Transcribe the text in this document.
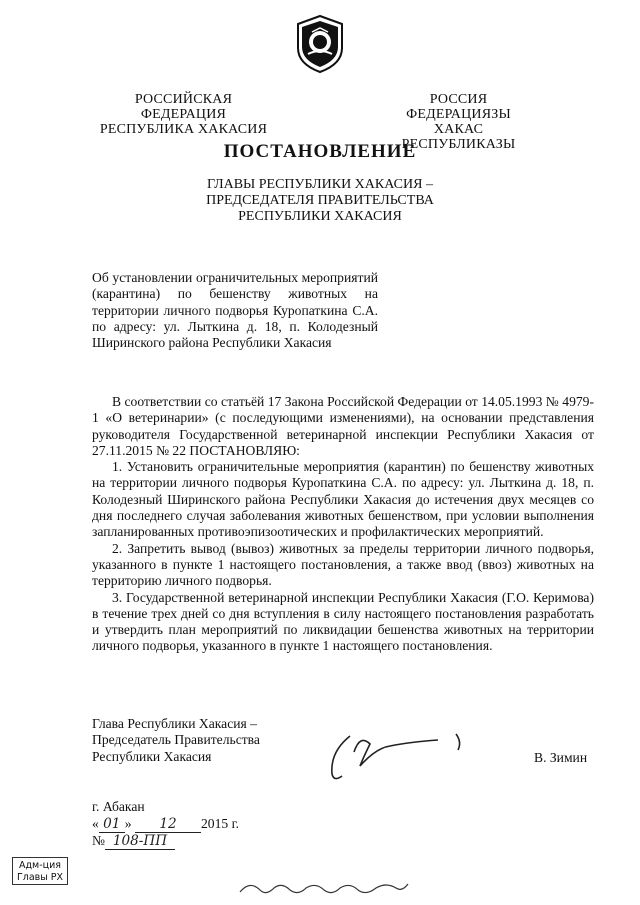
РОССИЙСКАЯ ФЕДЕРАЦИЯ
РЕСПУБЛИКА ХАКАСИЯ
РОССИЯ ФЕДЕРАЦИЯЗЫ
ХАКАС РЕСПУБЛИКАЗЫ
ПОСТАНОВЛЕНИЕ
ГЛАВЫ РЕСПУБЛИКИ ХАКАСИЯ –
ПРЕДСЕДАТЕЛЯ ПРАВИТЕЛЬСТВА
РЕСПУБЛИКИ ХАКАСИЯ
Об установлении ограничительных мероприятий (карантина) по бешенству животных на территории личного подворья Куропаткина С.А. по адресу: ул. Лыткина д. 18, п. Колодезный Ширинского района Республики Хакасия

В соответствии со статьёй 17 Закона Российской Федерации от 14.05.1993 № 4979-1 «О ветеринарии» (с последующими изменениями), на основании представления руководителя Государственной ветеринарной инспекции Республики Хакасия от 27.11.2015 № 22 ПОСТАНОВЛЯЮ:

1. Установить ограничительные мероприятия (карантин) по бешенству животных на территории личного подворья Куропаткина С.А. по адресу: ул. Лыткина д. 18, п. Колодезный Ширинского района Республики Хакасия до истечения двух месяцев со дня последнего случая заболевания животных бешенством, при условии выполнения запланированных противоэпизоотических и профилактических мероприятий.

2. Запретить вывод (вывоз) животных за пределы территории личного подворья, указанного в пункте 1 настоящего постановления, а также ввод (ввоз) животных на территорию личного подворья.

3. Государственной ветеринарной инспекции Республики Хакасия (Г.О. Керимова) в течение трех дней со дня вступления в силу настоящего постановления разработать и утвердить план мероприятий по ликвидации бешенства животных на территории личного подворья, указанного в пункте 1 настоящего постановления.

Глава Республики Хакасия –
Председатель Правительства
Республики Хакасия	В. Зимин
г. Абакан
« 01 » 12 2015 г.
№ 108-ПП
Адм-ция
Главы РХ
